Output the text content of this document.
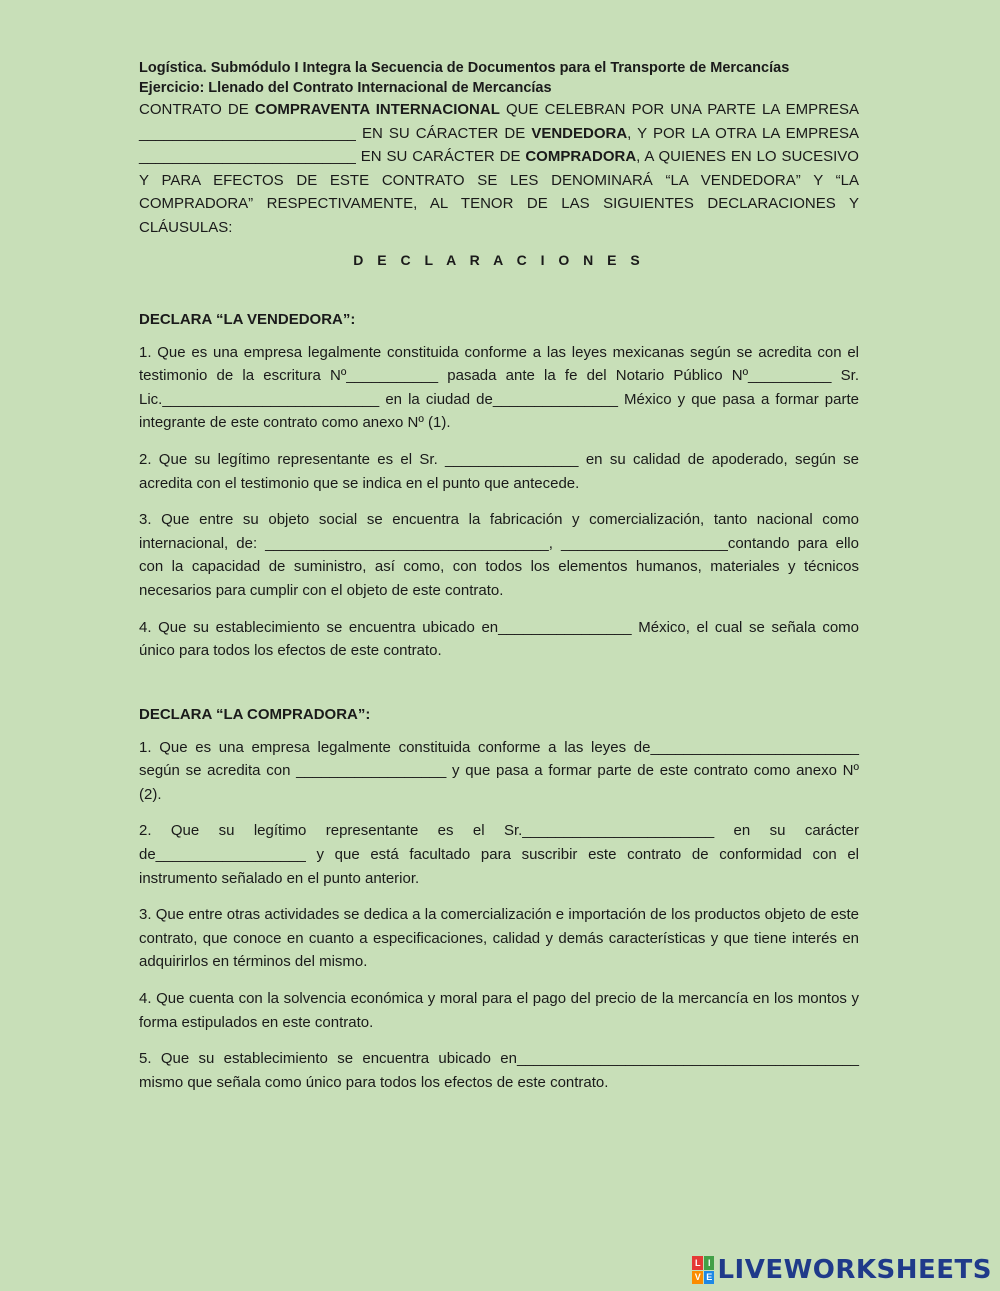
Logística. Submódulo I Integra la Secuencia de Documentos para el Transporte de Mercancías

Ejercicio: Llenado del Contrato Internacional de Mercancías

CONTRATO DE COMPRAVENTA INTERNACIONAL QUE CELEBRAN POR UNA PARTE LA EMPRESA __________________________ EN SU CÁRACTER DE VENDEDORA, Y POR LA OTRA LA EMPRESA __________________________ EN SU CARÁCTER DE COMPRADORA, A QUIENES EN LO SUCESIVO Y PARA EFECTOS DE ESTE CONTRATO SE LES DENOMINARÁ “LA VENDEDORA” Y “LA COMPRADORA” RESPECTIVAMENTE, AL TENOR DE LAS SIGUIENTES DECLARACIONES Y CLÁUSULAS:

D E C L A R A C I O N E S

DECLARA “LA VENDEDORA”:

1. Que es una empresa legalmente constituida conforme a las leyes mexicanas según se acredita con el testimonio de la escritura Nº___________ pasada ante la fe del Notario Público Nº__________ Sr. Lic.__________________________ en la ciudad de_______________ México y que pasa a formar parte integrante de este contrato como anexo Nº (1).

2. Que su legítimo representante es el Sr. ________________ en su calidad de apoderado, según se acredita con el testimonio que se indica en el punto que antecede.

3. Que entre su objeto social se encuentra la fabricación y comercialización, tanto nacional como internacional, de: __________________________________, ____________________contando para ello con la capacidad de suministro, así como, con todos los elementos humanos, materiales y técnicos necesarios para cumplir con el objeto de este contrato.

4. Que su establecimiento se encuentra ubicado en________________ México, el cual se señala como único para todos los efectos de este contrato.

DECLARA “LA COMPRADORA”:

1. Que es una empresa legalmente constituida conforme a las leyes de_________________________ según se acredita con __________________ y que pasa a formar parte de este contrato como anexo Nº (2).

2. Que su legítimo representante es el Sr._______________________ en su carácter de__________________ y que está facultado para suscribir este contrato de conformidad con el instrumento señalado en el punto anterior.

3. Que entre otras actividades se dedica a la comercialización e importación de los productos objeto de este contrato, que conoce en cuanto a especificaciones, calidad y demás características y que tiene interés en adquirirlos en términos del mismo.

4. Que cuenta con la solvencia económica y moral para el pago del precio de la mercancía en los montos y forma estipulados en este contrato.

5. Que su establecimiento se encuentra ubicado en_________________________________________ mismo que señala como único para todos los efectos de este contrato.

L I
V E LIVEWORKSHEETS
